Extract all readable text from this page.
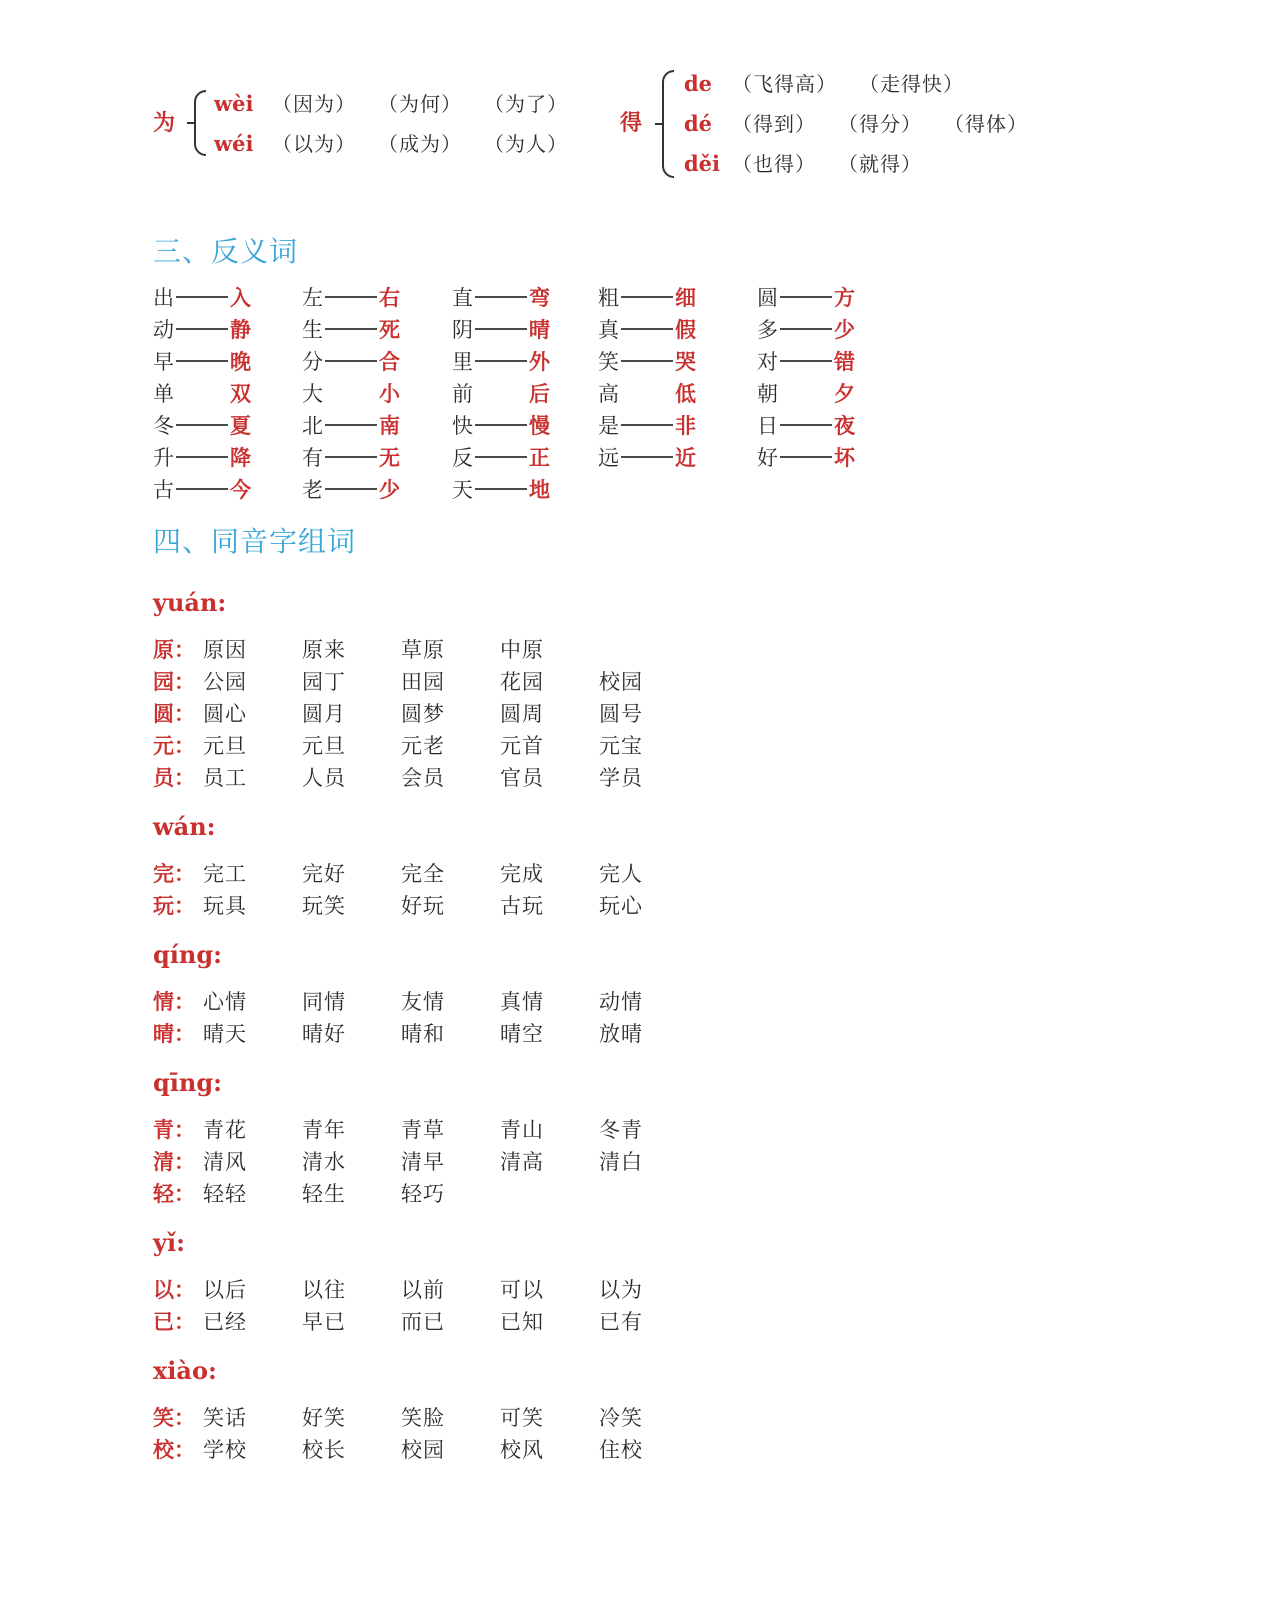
为
wèi （因为） （为何） （为了）
wéi （以为） （成为） （为人）
得
de （飞得高） （走得快）
dé （得到） （得分） （得体）
děi （也得） （就得）
三、反义词
出	入
动	静
早	晚
单	双
冬	夏
升	降
古	今
左	右
生	死
分	合
大	小
北	南
有	无
老	少
直	弯
阴	晴
里	外
前	后
快	慢
反	正
天	地
粗	细
真	假
笑	哭
高	低
是	非
远	近
圆	方
多	少
对	错
朝	夕
日	夜
好	坏
四、同音字组词
yuán:
原： 原因	原来	草原	中原
园： 公园	园丁	田园	花园	校园
圆： 圆心	圆月	圆梦	圆周	圆号
元： 元旦	元旦	元老	元首	元宝
员： 员工	人员	会员	官员	学员
wán:
完： 完工	完好	完全	完成	完人
玩： 玩具	玩笑	好玩	古玩	玩心
qíng:
情： 心情	同情	友情	真情	动情
晴： 晴天	晴好	晴和	晴空	放晴
qīng:
青： 青花	青年	青草	青山	冬青
清： 清风	清水	清早	清高	清白
轻： 轻轻	轻生	轻巧
yǐ:
以： 以后	以往	以前	可以	以为
已： 已经	早已	而已	已知	已有
xiào:
笑： 笑话	好笑	笑脸	可笑	冷笑
校： 学校	校长	校园	校风	住校
